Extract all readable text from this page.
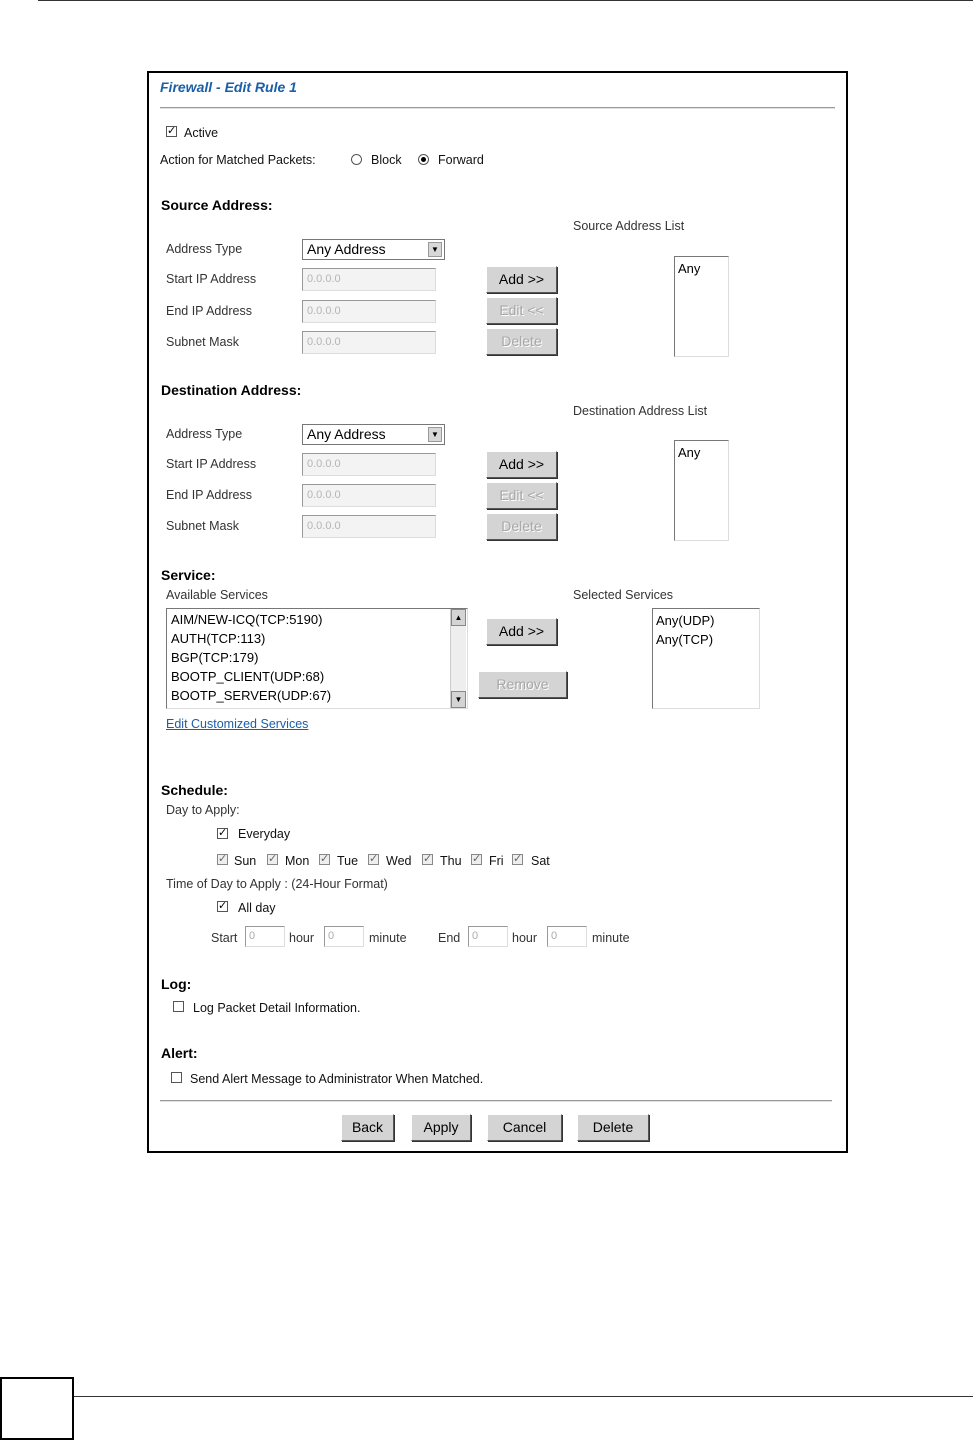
Firewall - Edit Rule 1
✓ Active
Action for Matched Packets:	Block	Forward
Source Address:
Source Address List
Address Type	Any Address	▼
Start IP Address	0.0.0.0
End IP Address	0.0.0.0
Subnet Mask	0.0.0.0
Add >>
Edit <<
Delete
Any
Destination Address:
Destination Address List
Address Type	Any Address	▼
Start IP Address	0.0.0.0
End IP Address	0.0.0.0
Subnet Mask	0.0.0.0
Add >>
Edit <<
Delete
Any
Service:
Available Services	Selected Services
AIM/NEW-ICQ(TCP:5190)
AUTH(TCP:113)
BGP(TCP:179)
BOOTP_CLIENT(UDP:68)
BOOTP_SERVER(UDP:67)
▲
▼
Add >>
Remove
Any(UDP)
Any(TCP)
Edit Customized Services
Schedule:
Day to Apply:
✓ Everyday
✓ Sun ✓ Mon ✓ Tue ✓ Wed ✓ Thu ✓ Fri ✓ Sat
Time of Day to Apply : (24-Hour Format)
✓ All day
Start	0	hour	0	minute	End	0	hour	0	minute
Log:
Log Packet Detail Information.
Alert:
Send Alert Message to Administrator When Matched.
Back	Apply	Cancel	Delete
